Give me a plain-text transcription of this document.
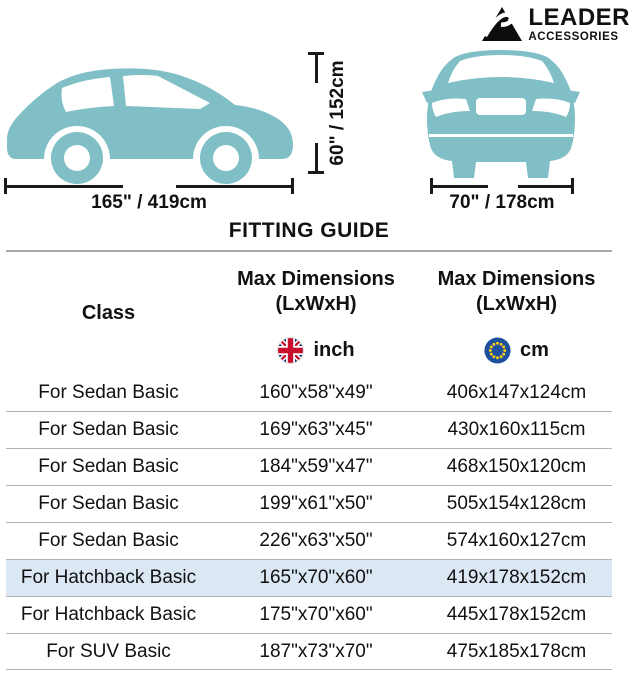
LEADER
ACCESSORIES
60" / 152cm
165" / 419cm	70" / 178cm
FITTING GUIDE
Class
Max Dimensions
(LxWxH)
Max Dimensions
(LxWxH)
inch	cm
For Sedan Basic	160"x58"x49"	406x147x124cm
For Sedan Basic	169"x63"x45"	430x160x115cm
For Sedan Basic	184"x59"x47"	468x150x120cm
For Sedan Basic	199"x61"x50"	505x154x128cm
For Sedan Basic	226"x63"x50"	574x160x127cm
For Hatchback Basic	165"x70"x60"	419x178x152cm
For Hatchback Basic	175"x70"x60"	445x178x152cm
For SUV Basic	187"x73"x70"	475x185x178cm
